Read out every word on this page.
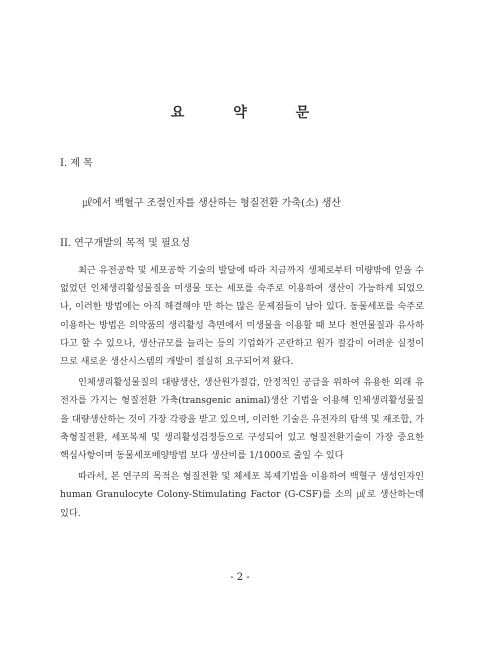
요 약 문
I. 제 목
㎕에서 백혈구 조절인자를 생산하는 형질전환 가축(소) 생산
II. 연구개발의 목적 및 필요성

최근 유전공학 및 세포공학 기술의 발달에 따라 지금까지 생체로부터 미량밖에 얻을 수 없었던 인체생리활성물질을 미생물 또는 세포를 숙주로 이용하여 생산이 가능하게 되었으나, 이러한 방법에는 아직 해결해야 만 하는 많은 문제점들이 남아 있다. 동물세포를 숙주로 이용하는 방법은 의약품의 생리활성 측면에서 미생물을 이용할 때 보다 천연물질과 유사하다고 할 수 있으나, 생산규모를 늘리는 등의 기업화가 곤란하고 원가 절감이 어려운 실정이므로 새로운 생산시스템의 개발이 절실히 요구되어져 왔다.

인체생리활성물질의 대량생산, 생산원가절감, 안정적인 공급을 위하여 유용한 외래 유전자를 가지는 형질전환 가축(transgenic animal)생산 기법을 이용해 인체생리활성물질을 대량생산하는 것이 가장 각광을 받고 있으며, 이러한 기술은 유전자의 탐색 및 재조합, 가축형질전환, 세포복제 및 생리활성검정등으로 구성되어 있고 형질전환기술이 가장 중요한 핵심사항이며 동물세포배양방법 보다 생산비를 1/1000로 줄일 수 있다

따라서, 본 연구의 목적은 형질전환 및 체세포 복제기법을 이용하여 백혈구 생성인자인 human Granulocyte Colony-Stimulating Factor (G-CSF)를 소의 ㎕로 생산하는데 있다.

- 2 -
